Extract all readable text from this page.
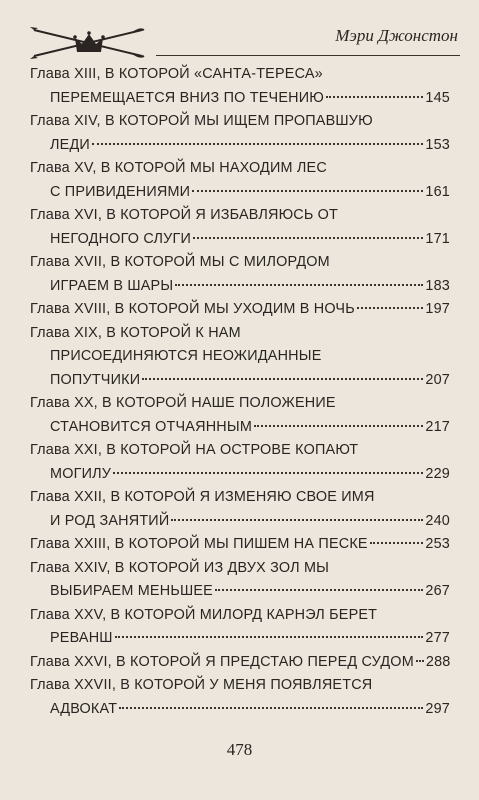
Мэри Джонстон
Глава XIII, В КОТОРОЙ «САНТА-ТЕРЕСА»
ПЕРЕМЕЩАЕТСЯ ВНИЗ ПО ТЕЧЕНИЮ	145
Глава XIV, В КОТОРОЙ МЫ ИЩЕМ ПРОПАВШУЮ
ЛЕДИ	153
Глава XV, В КОТОРОЙ МЫ НАХОДИМ ЛЕС
С ПРИВИДЕНИЯМИ	161
Глава XVI, В КОТОРОЙ Я ИЗБАВЛЯЮСЬ ОТ
НЕГОДНОГО СЛУГИ	171
Глава XVII, В КОТОРОЙ МЫ С МИЛОРДОМ
ИГРАЕМ В ШАРЫ	183
Глава XVIII, В КОТОРОЙ МЫ УХОДИМ В НОЧЬ	197
Глава XIX, В КОТОРОЙ К НАМ
ПРИСОЕДИНЯЮТСЯ НЕОЖИДАННЫЕ
ПОПУТЧИКИ	207
Глава XX, В КОТОРОЙ НАШЕ ПОЛОЖЕНИЕ
СТАНОВИТСЯ ОТЧАЯННЫМ	217
Глава XXI, В КОТОРОЙ НА ОСТРОВЕ КОПАЮТ
МОГИЛУ	229
Глава XXII, В КОТОРОЙ Я ИЗМЕНЯЮ СВОЕ ИМЯ
И РОД ЗАНЯТИЙ	240
Глава XXIII, В КОТОРОЙ МЫ ПИШЕМ НА ПЕСКЕ	253
Глава XXIV, В КОТОРОЙ ИЗ ДВУХ ЗОЛ МЫ
ВЫБИРАЕМ МЕНЬШЕЕ	267
Глава XXV, В КОТОРОЙ МИЛОРД КАРНЭЛ БЕРЕТ
РЕВАНШ	277
Глава XXVI, В КОТОРОЙ Я ПРЕДСТАЮ ПЕРЕД СУДОМ 288
Глава XXVII, В КОТОРОЙ У МЕНЯ ПОЯВЛЯЕТСЯ
АДВОКАТ	297
478
